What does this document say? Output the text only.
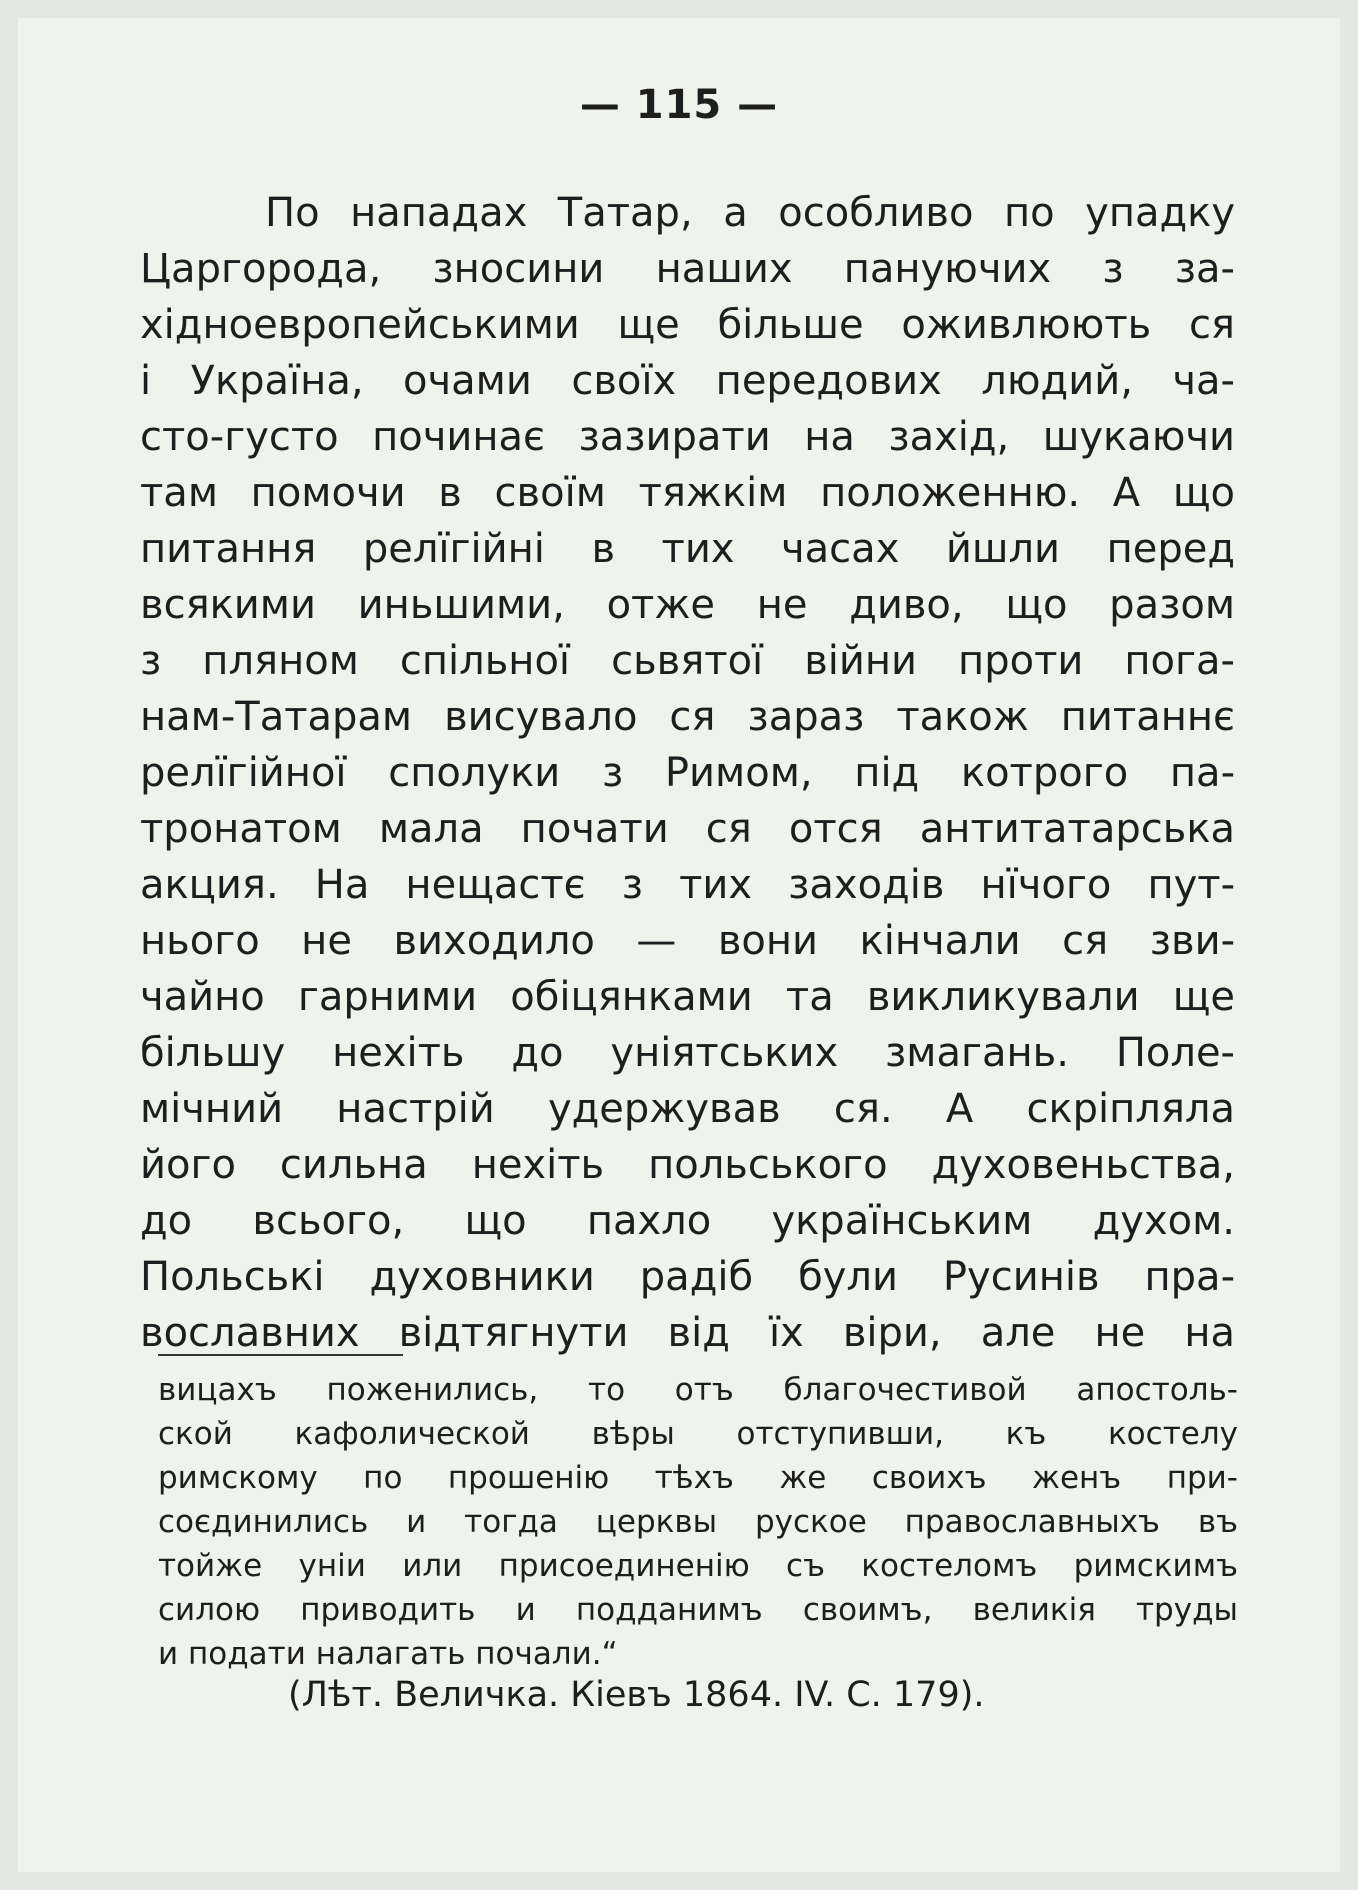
— 115 —
По нападах Татар, а особливо по упадку
Царгорода, зносини наших пануючих з за-
хідноевропейськими ще більше оживлюють ся
і Україна, очами своїх передових людий, ча-
сто-густо починає зазирати на захід, шукаючи
там помочи в своїм тяжкім положенню. А що
питання релїгійні в тих часах йшли перед
всякими иньшими, отже не диво, що разом
з пляном спільної сьвятої війни проти пога-
нам-Татарам висувало ся зараз також питаннє
релїгійної сполуки з Римом, під котрого па-
тронатом мала почати ся отся антитатарська
акция. На нещастє з тих заходів нїчого пут-
нього не виходило — вони кінчали ся зви-
чайно гарними обіцянками та викликували ще
більшу нехіть до уніятських змагань. Поле-
мічний настрій удержував ся. А скріпляла
його сильна нехіть польського духовеньства,
до всього, що пахло українським духом.
Польські духовники радіб були Русинів пра-
вославних відтягнути від їх віри, але не на
вицахъ поженились, то отъ благочестивой апостоль-
ской кафолической вѣры отступивши, къ костелу
римскому по прошенію тѣхъ же своихъ женъ при-
соєдинились и тогда церквы руское православныхъ въ
тойже уніи или присоединенію съ костеломъ римскимъ
силою приводить и подданимъ своимъ, великія труды
и подати налагать почали.“
(Лѣт. Величка. Кіевъ 1864. IV. C. 179).
